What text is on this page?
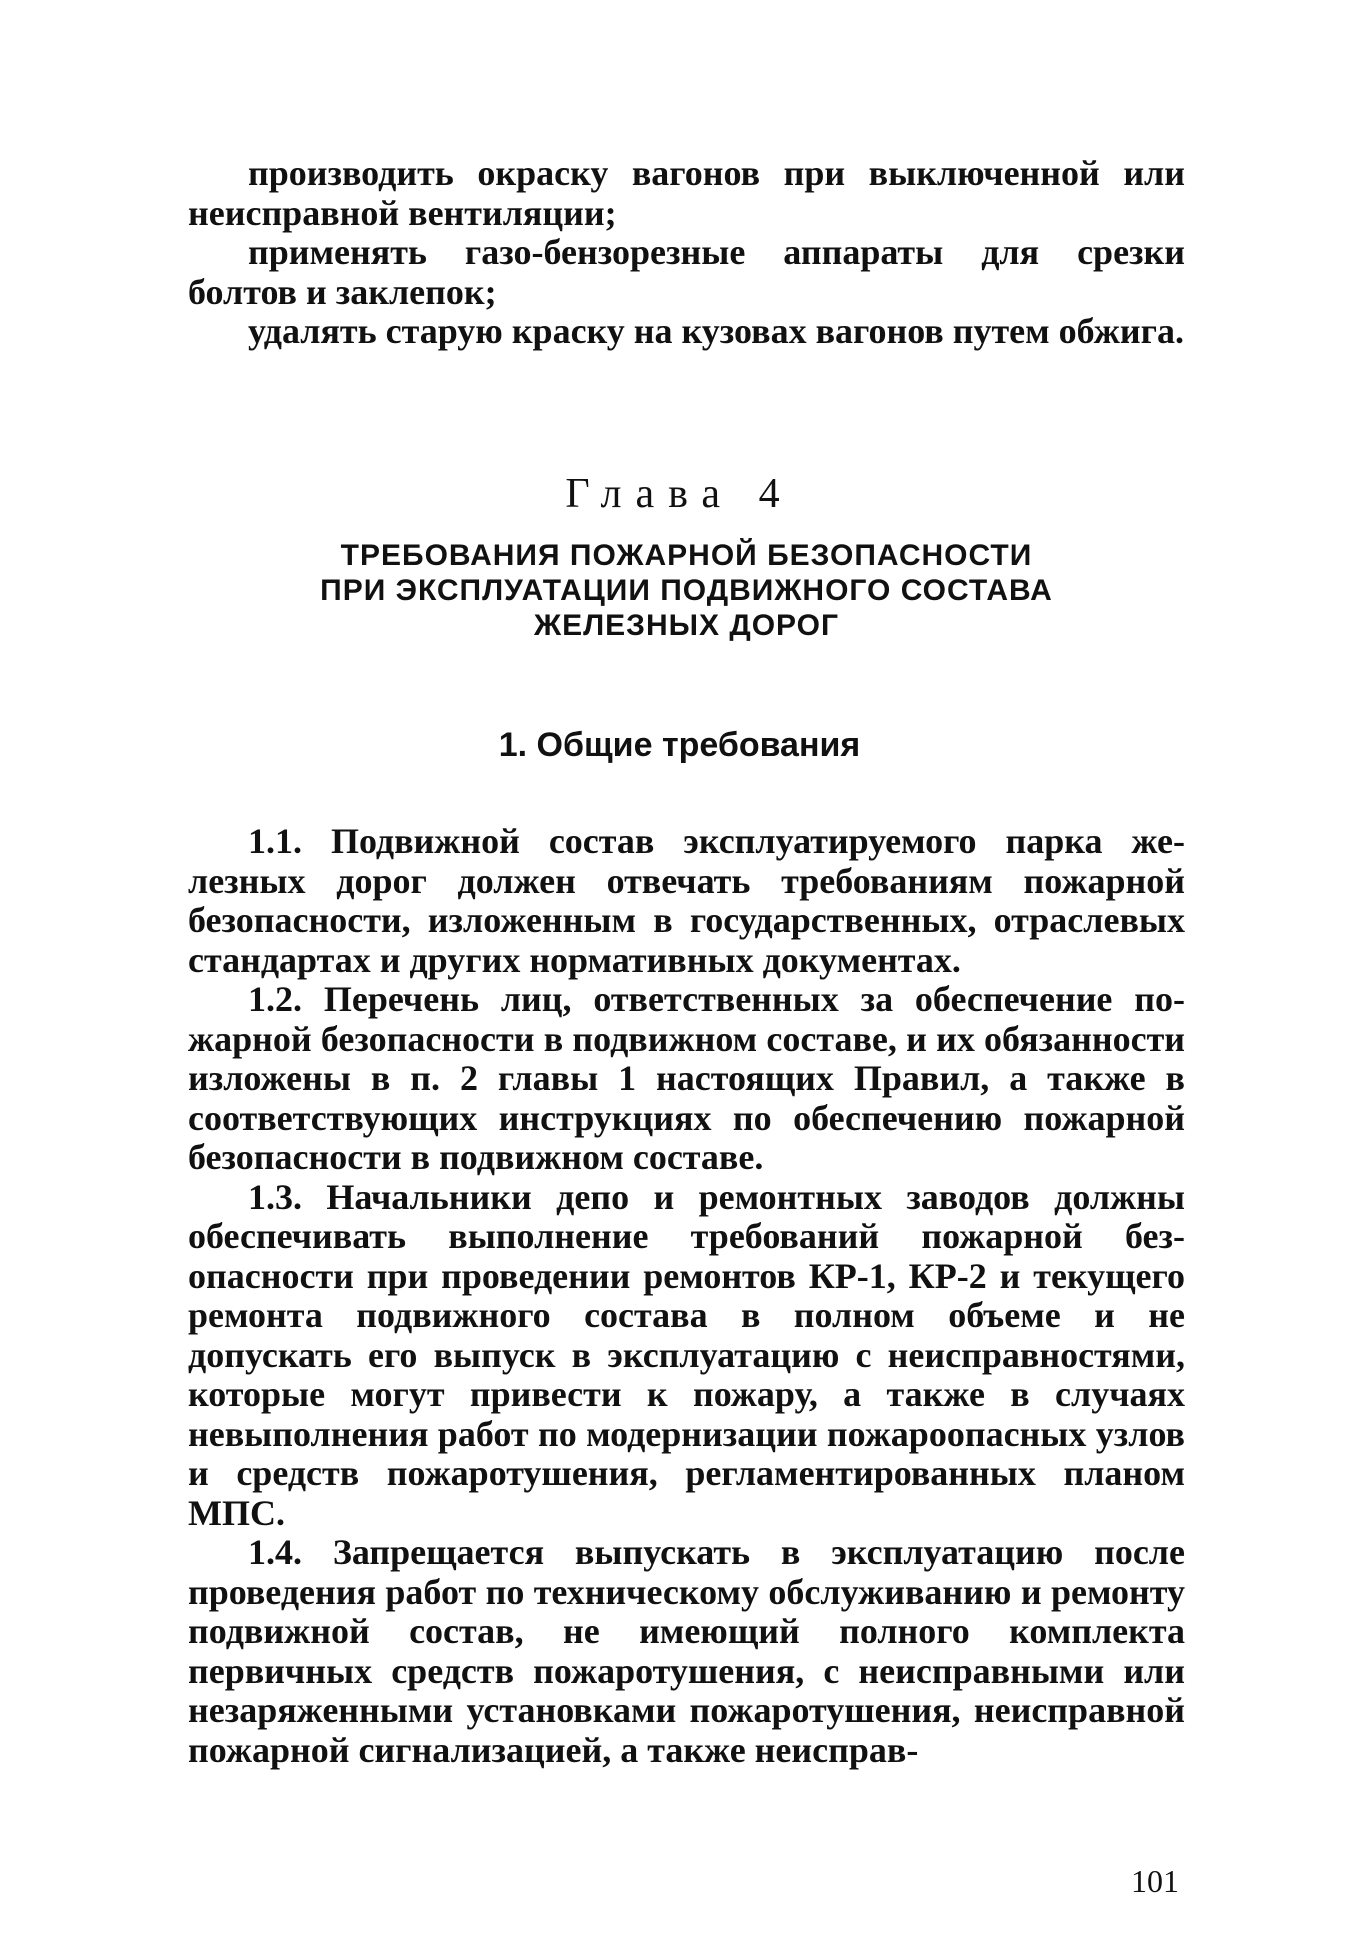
производить окраску вагонов при выключенной или неисправной вентиляции;

применять газо-бензорезные аппараты для срезки болтов и заклепок;

удалять старую краску на кузовах вагонов путем обжига.

Глава 4
ТРЕБОВАНИЯ ПОЖАРНОЙ БЕЗОПАСНОСТИ
ПРИ ЭКСПЛУАТАЦИИ ПОДВИЖНОГО СОСТАВА
ЖЕЛЕЗНЫХ ДОРОГ
1. Общие требования

1.1. Подвижной состав эксплуатируемого парка железных дорог должен отвечать требованиям пожарной безопасности, изложенным в государственных, отраслевых стандартах и других нормативных документах.

1.2. Перечень лиц, ответственных за обеспечение пожарной безопасности в подвижном составе, и их обязанности изложены в п. 2 главы 1 настоящих Правил, а также в соответствующих инструкциях по обеспечению пожарной безопасности в подвижном составе.

1.3. Начальники депо и ремонтных заводов должны обеспечивать выполнение требований пожарной безопасности при проведении ремонтов КР-1, КР-2 и текущего ремонта подвижного состава в полном объеме и не допускать его выпуск в эксплуатацию с неисправностями, которые могут привести к пожару, а также в случаях невыполнения работ по модернизации пожароопасных узлов и средств пожаротушения, регламентированных планом МПС.

1.4. Запрещается выпускать в эксплуатацию после проведения работ по техническому обслуживанию и ремонту подвижной состав, не имеющий полного комплекта первичных средств пожаротушения, с неисправными или незаряженными установками пожаротушения, неисправной пожарной сигнализацией, а также неисправ-

101
